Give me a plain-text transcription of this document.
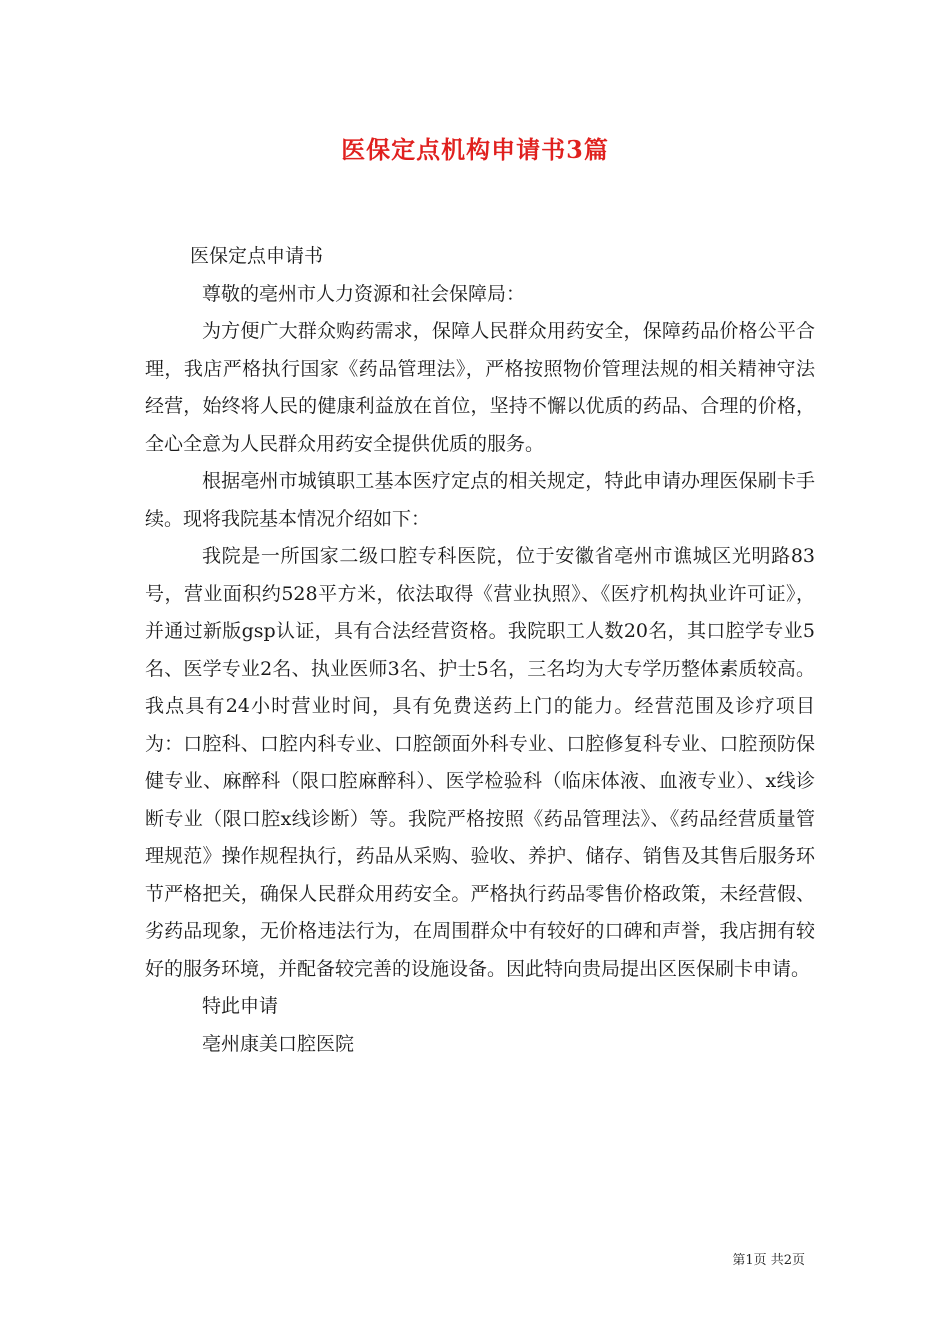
医保定点机构申请书3篇

医保定点申请书

尊敬的亳州市人力资源和社会保障局：

为方便广大群众购药需求，保障人民群众用药安全，保障药品价格公平合理，我店严格执行国家《药品管理法》，严格按照物价管理法规的相关精神守法经营，始终将人民的健康利益放在首位，坚持不懈以优质的药品、合理的价格，全心全意为人民群众用药安全提供优质的服务。

根据亳州市城镇职工基本医疗定点的相关规定，特此申请办理医保刷卡手续。现将我院基本情况介绍如下：

我院是一所国家二级口腔专科医院，位于安徽省亳州市谯城区光明路83号，营业面积约528平方米，依法取得《营业执照》、《医疗机构执业许可证》，并通过新版gsp认证，具有合法经营资格。我院职工人数20名，其口腔学专业5名、医学专业2名、执业医师3名、护士5名，三名均为大专学历整体素质较高。我点具有24小时营业时间，具有免费送药上门的能力。经营范围及诊疗项目为：口腔科、口腔内科专业、口腔颌面外科专业、口腔修复科专业、口腔预防保健专业、麻醉科（限口腔麻醉科）、医学检验科（临床体液、血液专业）、x线诊断专业（限口腔x线诊断）等。我院严格按照《药品管理法》、《药品经营质量管理规范》操作规程执行，药品从采购、验收、养护、储存、销售及其售后服务环节严格把关，确保人民群众用药安全。严格执行药品零售价格政策，未经营假、劣药品现象，无价格违法行为，在周围群众中有较好的口碑和声誉，我店拥有较好的服务环境，并配备较完善的设施设备。因此特向贵局提出区医保刷卡申请。

特此申请

亳州康美口腔医院

第1页 共2页
